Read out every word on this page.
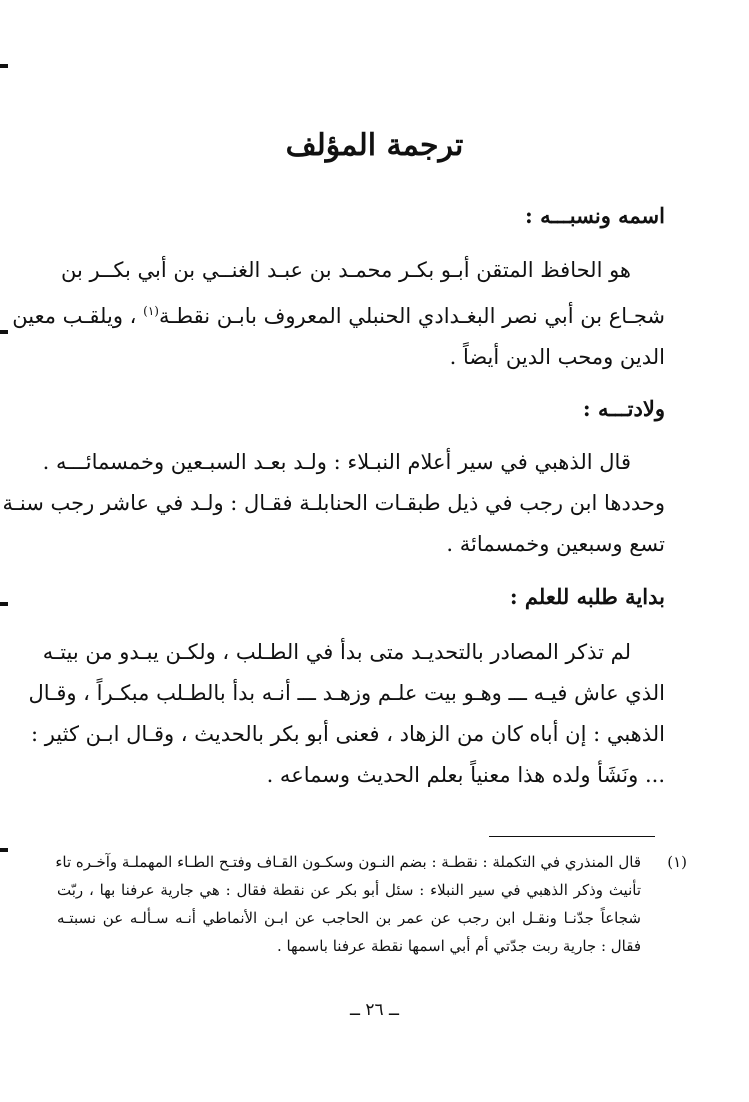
ترجمة المؤلف
اسمه ونسبـــه :
هو الحافظ المتقن أبـو بكـر محمـد بن عبـد الغنــي بن أبي بكــر بن
شجـاع بن أبي نصر البغـدادي الحنبلي المعروف بابـن نقطـة$^{(١)}$ ، ويلقـب معين
الدين ومحب الدين أيضاً .
ولادتـــه :
قال الذهبي في سير أعلام النبـلاء : ولـد بعـد السبـعين وخمسمائـــه .
وحددها ابن رجب في ذيل طبقـات الحنابلـة فقـال : ولـد في عاشر رجب سنـة
تسع وسبعين وخمسمائة .
بداية طلبه للعلم :
لم تذكر المصادر بالتحديـد متى بدأ في الطـلب ، ولكـن يبـدو من بيتـه
الذي عاش فيـه ـــ وهـو بيت علـم وزهـد ـــ أنـه بدأ بالطـلب مبكـراً ، وقـال
الذهبي : إن أباه كان من الزهاد ، فعنى أبو بكر بالحديث ، وقـال ابـن كثير :
... ونَشَأ ولده هذا معنياً بعلم الحديث وسماعه .
(١)
قال المنذري في التكملة : نقطـة : بضم النـون وسكـون القـاف وفتـح الطـاء المهملـة وآخـره تاء
تأنيث وذكر الذهبي في سير النبلاء : سئل أبو بكر عن نقطة فقال : هي جارية عرفنا بها ، ربّت
شجاعاً جدّنـا ونقـل ابن رجب عن عمر بن الحاجب عن ابـن الأنماطي أنـه سـألـه عن نسبتـه
فقال : جارية ربت جدّتي أم أبي اسمها نقطة عرفنا باسمها .
ــ ٢٦ ــ
